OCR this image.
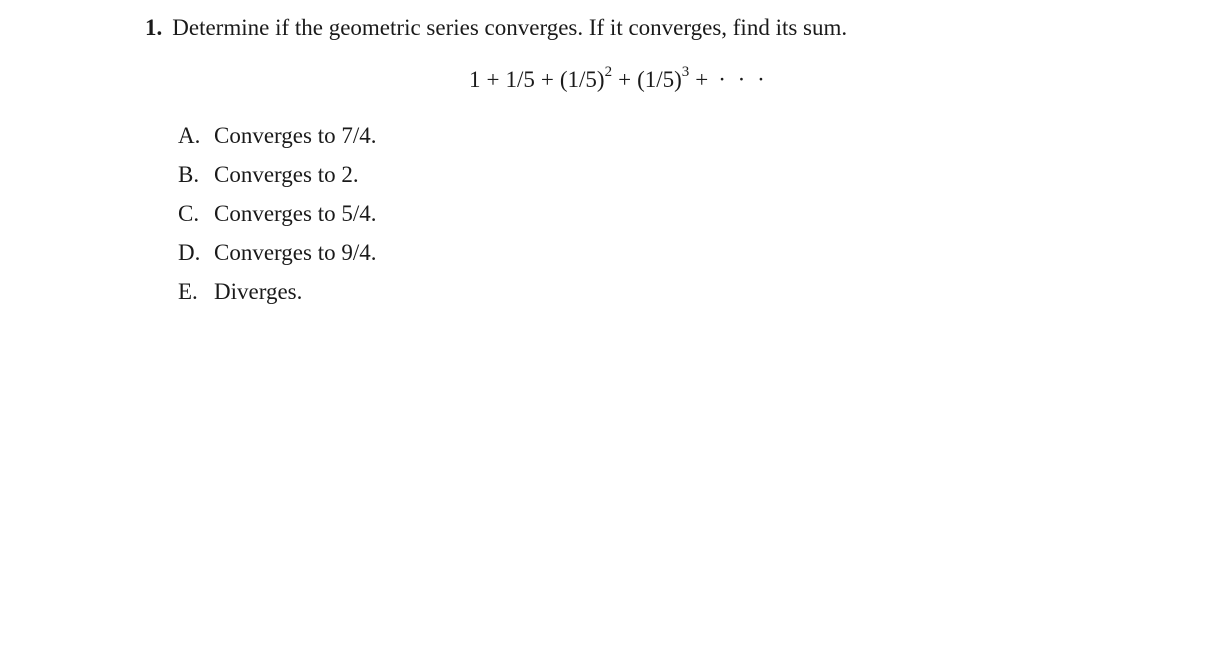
1. Determine if the geometric series converges. If it converges, find its sum.
$1 + 1/5 + (1/5)^2 + (1/5)^3$ + · · ·
A. Converges to 7/4.
B. Converges to 2.
C. Converges to 5/4.
D. Converges to 9/4.
E. Diverges.
